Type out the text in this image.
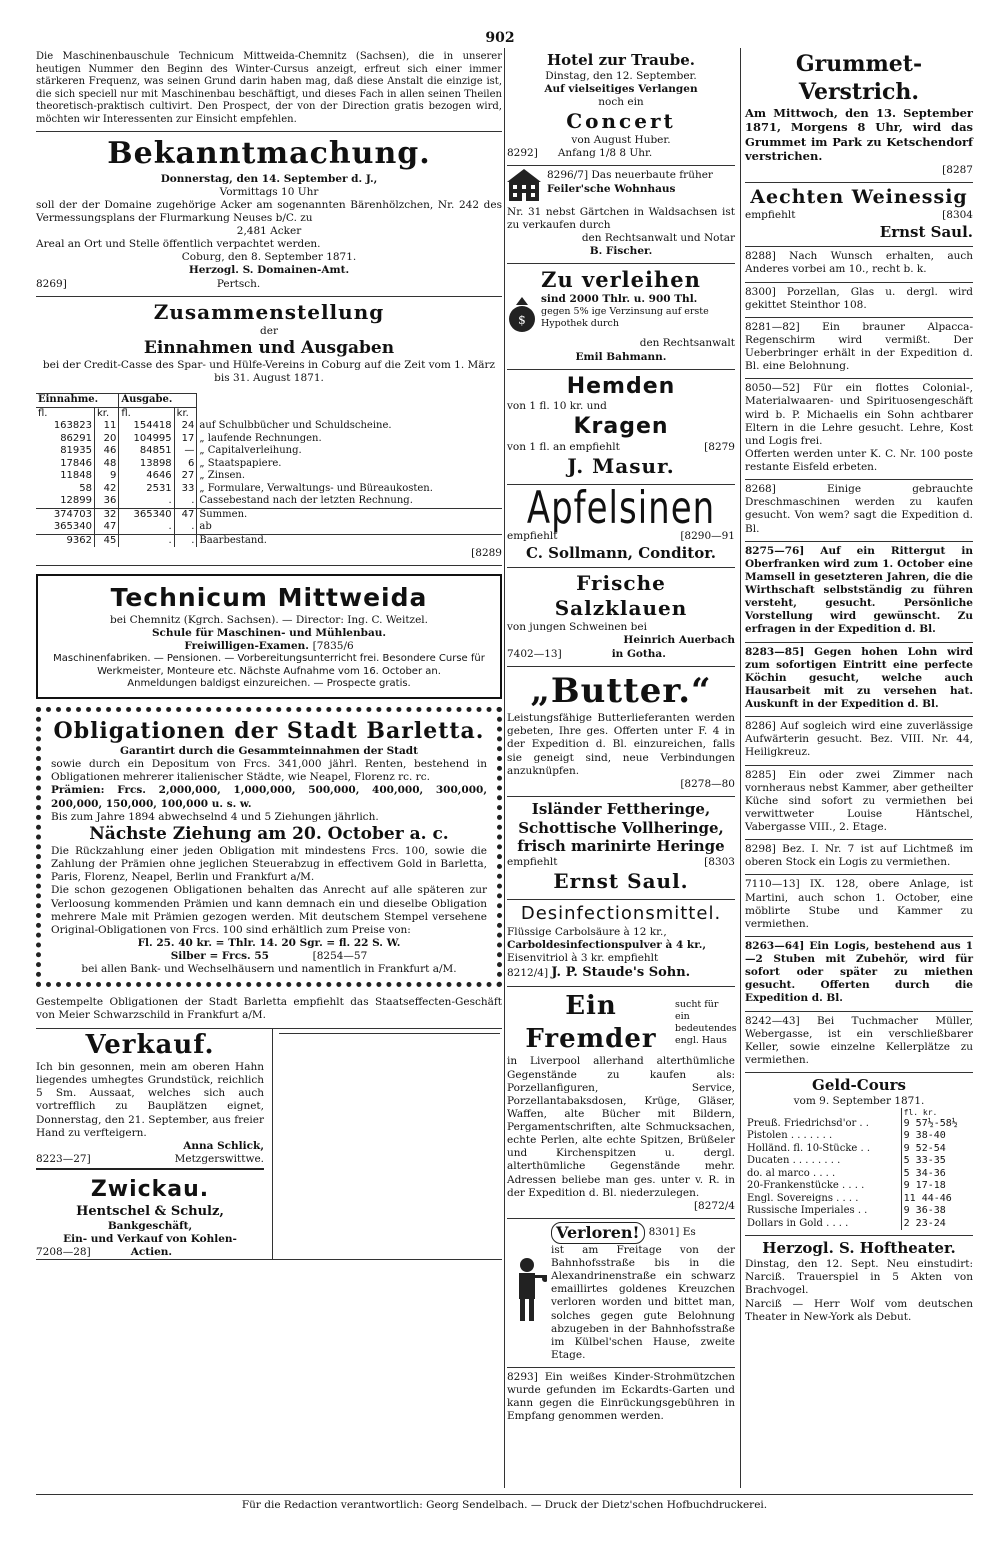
902
Die Maschinenbauschule Technicum Mittweida-Chemnitz (Sachsen), die in unserer heutigen Nummer den Beginn des Winter-Cursus anzeigt, erfreut sich einer immer stärkeren Frequenz, was seinen Grund darin haben mag, daß diese Anstalt die einzige ist, die sich speciell nur mit Maschinenbau beschäftigt, und dieses Fach in allen seinen Theilen theoretisch-praktisch cultivirt. Den Prospect, der von der Direction gratis bezogen wird, möchten wir Interessenten zur Einsicht empfehlen.
Bekanntmachung.
Donnerstag, den 14. September d. J.,
Vormittags 10 Uhr
soll der der Domaine zugehörige Acker am sogenannten Bärenhölzchen, Nr. 242 des Vermessungsplans der Flurmarkung Neuses b/C. zu
2,481 Acker
Areal an Ort und Stelle öffentlich verpachtet werden.
Coburg, den 8. September 1871.
Herzogl. S. Domainen-Amt.
8269]	Pertsch.
Zusammenstellung
der
Einnahmen und Ausgaben
bei der Credit-Casse des Spar- und Hülfe-Vereins in Coburg auf die Zeit vom 1. März bis 31. August 1871.
Einnahme.		Ausgabe.		
fl.	kr.	fl.	kr.	
163823	11	154418	24	auf Schulbbücher und Schuldscheine.
86291	20	104995	17	„ laufende Rechnungen.
81935	46	84851	—	„ Capitalverleihung.
17846	48	13898	6	„ Staatspapiere.
11848	9	4646	27	„ Zinsen.
58	42	2531	33	„ Formulare, Verwaltungs- und Büreaukosten.
12899	36	.	.	Cassebestand nach der letzten Rechnung.
374703	32	365340	47	Summen.
365340	47	.	.	ab
9362	45	.	.	Baarbestand.
[8289
Technicum Mittweida
bei Chemnitz (Kgrch. Sachsen). — Director: Ing. C. Weitzel.
Schule für Maschinen- und Mühlenbau.
Freiwilligen-Examen. [7835/6
Maschinenfabriken. — Pensionen. — Vorbereitungsunterricht frei. Besondere Curse für Werkmeister, Monteure etc. Nächste Aufnahme vom 16. October an.
Anmeldungen baldigst einzureichen. — Prospecte gratis.
Obligationen der Stadt Barletta.
Garantirt durch die Gesammteinnahmen der Stadt
sowie durch ein Depositum von Frcs. 341,000 jährl. Renten, bestehend in Obligationen mehrerer italienischer Städte, wie Neapel, Florenz rc. rc.
Prämien: Frcs. 2,000,000, 1,000,000, 500,000, 400,000, 300,000, 200,000, 150,000, 100,000 u. s. w.
Bis zum Jahre 1894 abwechselnd 4 und 5 Ziehungen jährlich.
Nächste Ziehung am 20. October a. c.
Die Rückzahlung einer jeden Obligation mit mindestens Frcs. 100, sowie die Zahlung der Prämien ohne jeglichen Steuerabzug in effectivem Gold in Barletta, Paris, Florenz, Neapel, Berlin und Frankfurt a/M.
Die schon gezogenen Obligationen behalten das Anrecht auf alle späteren zur Verloosung kommenden Prämien und kann demnach ein und dieselbe Obligation mehrere Male mit Prämien gezogen werden. Mit deutschem Stempel versehene Original-Obligationen von Frcs. 100 sind erhältlich zum Preise von:
Fl. 25. 40 kr. = Thlr. 14. 20 Sgr. = fl. 22 S. W.
Silber = Frcs. 55	[8254—57
bei allen Bank- und Wechselhäusern und namentlich in Frankfurt a/M.
Gestempelte Obligationen der Stadt Barletta empfiehlt das Staatseffecten-Geschäft von Meier Schwarzschild in Frankfurt a/M.
Verkauf.
Ich bin gesonnen, mein am oberen Hahn liegendes umhegtes Grundstück, reichlich 5 Sm. Aussaat, welches sich auch vortrefflich zu Bauplätzen eignet, Donnerstag, den 21. September, aus freier Hand zu verfteigern.
Anna Schlick,
8223—27]	Metzgerswittwe.
Zwickau.
Hentschel & Schulz,
Bankgeschäft,
Ein- und Verkauf von Kohlen-
7208—28]	Actien.
Hotel zur Traube.
Dinstag, den 12. September.
Auf vielseitiges Verlangen
noch ein
Concert
von August Huber.
8292] Anfang 1/8 8 Uhr.
8296/7] Das neuerbaute früher
Feiler'sche Wohnhaus
Nr. 31 nebst Gärtchen in Waldsachsen ist zu verkaufen durch
den Rechtsanwalt und Notar
B. Fischer.
Zu verleihen
$
sind 2000 Thlr. u. 900 Thl.
gegen 5% ige Verzinsung auf erste Hypothek durch
den Rechtsanwalt
Emil Bahmann.
Hemden
von 1 fl. 10 kr. und
Kragen
von 1 fl. an empfiehlt	[8279
J. Masur.
Apfelsinen
empfiehlt	[8290—91
C. Sollmann, Conditor.
Frische Salzklauen
von jungen Schweinen bei
Heinrich Auerbach
7402—13]	in Gotha.
„Butter.“
Leistungsfähige Butterlieferanten werden gebeten, Ihre ges. Offerten unter F. 4 in der Expedition d. Bl. einzureichen, falls sie geneigt sind, neue Verbindungen anzuknüpfen.
[8278—80
Isländer Fettheringe,
Schottische Vollheringe,
frisch marinirte Heringe
empfiehlt	[8303
Ernst Saul.
Desinfectionsmittel.
Flüssige Carbolsäure à 12 kr.,
Carboldesinfectionspulver à 4 kr.,
Eisenvitriol à 3 kr. empfiehlt
8212/4] J. P. Staude's Sohn.
Ein Fremder
sucht für ein bedeutendes engl. Haus
in Liverpool allerhand alterthümliche Gegenstände zu kaufen als: Porzellanfiguren, Service, Porzellantabaksdosen, Krüge, Gläser, Waffen, alte Bücher mit Bildern, Pergamentschriften, alte Schmucksachen, echte Perlen, alte echte Spitzen, Brüßeler und Kirchenspitzen u. dergl. alterthümliche Gegenstände mehr. Adressen beliebe man ges. unter v. R. in der Expedition d. Bl. niederzulegen.
[8272/4
Verloren! 8301] Es
ist am Freitage von der Bahnhofsstraße bis in die Alexandrinenstraße ein schwarz emaillirtes goldenes Kreuzchen verloren worden und bittet man, solches gegen gute Belohnung abzugeben in der Bahnhofsstraße im Külbel'schen Hause, zweite Etage.
8293] Ein weißes Kinder-Strohmützchen wurde gefunden im Eckardts-Garten und kann gegen die Einrückungsgebühren in Empfang genommen werden.
Grummet-Verstrich.
Am Mittwoch, den 13. September 1871, Morgens 8 Uhr, wird das Grummet im Park zu Ketschendorf verstrichen.
[8287
Aechten Weinessig
empfiehlt	[8304
Ernst Saul.
8288] Nach Wunsch erhalten, auch Anderes vorbei am 10., recht b. k.
8300] Porzellan, Glas u. dergl. wird gekittet Steinthor 108.
8281—82] Ein brauner Alpacca-Regenschirm wird vermißt. Der Ueberbringer erhält in der Expedition d. Bl. eine Belohnung.
8050—52] Für ein flottes Colonial-, Materialwaaren- und Spirituosengeschäft wird b. P. Michaelis ein Sohn achtbarer Eltern in die Lehre gesucht. Lehre, Kost und Logis frei.
Offerten werden unter K. C. Nr. 100 poste restante Eisfeld erbeten.
8268] Einige gebrauchte Dreschmaschinen werden zu kaufen gesucht. Von wem? sagt die Expedition d. Bl.
8275—76] Auf ein Rittergut in Oberfranken wird zum 1. October eine Mamsell in gesetzteren Jahren, die die Wirthschaft selbstständig zu führen versteht, gesucht. Persönliche Vorstellung wird gewünscht. Zu erfragen in der Expedition d. Bl.
8283—85] Gegen hohen Lohn wird zum sofortigen Eintritt eine perfecte Köchin gesucht, welche auch Hausarbeit mit zu versehen hat. Auskunft in der Expedition d. Bl.
8286] Auf sogleich wird eine zuverlässige Aufwärterin gesucht. Bez. VIII. Nr. 44, Heiligkreuz.
8285] Ein oder zwei Zimmer nach vornheraus nebst Kammer, aber getheilter Küche sind sofort zu vermiethen bei verwittweter Louise Häntschel, Vabergasse VIII., 2. Etage.
8298] Bez. I. Nr. 7 ist auf Lichtmeß im oberen Stock ein Logis zu vermiethen.
7110—13] IX. 128, obere Anlage, ist Martini, auch schon 1. October, eine möblirte Stube und Kammer zu vermiethen.
8263—64] Ein Logis, bestehend aus 1—2 Stuben mit Zubehör, wird für sofort oder später zu miethen gesucht. Offerten durch die Expedition d. Bl.
8242—43] Bei Tuchmacher Müller, Webergasse, ist ein verschließbarer Keller, sowie einzelne Kellerplätze zu vermiethen.
Geld-Cours
vom 9. September 1871.
	fl. kr.
Preuß. Friedrichsd'or . .	9 57½-58½
Pistolen . . . . . . .	9 38-40
Holländ. fl. 10-Stücke . .	9 52-54
Ducaten . . . . . . . .	5 33-35
do. al marco . . . .	5 34-36
20-Frankenstücke . . . .	9 17-18
Engl. Sovereigns . . . .	11 44-46
Russische Imperiales . .	9 36-38
Dollars in Gold . . . .	2 23-24
Herzogl. S. Hoftheater.
Dinstag, den 12. Sept. Neu einstudirt: Narciß. Trauerspiel in 5 Akten von Brachvogel.
Narciß — Herr Wolf vom deutschen Theater in New-York als Debut.
Für die Redaction verantwortlich: Georg Sendelbach. — Druck der Dietz'schen Hofbuchdruckerei.
